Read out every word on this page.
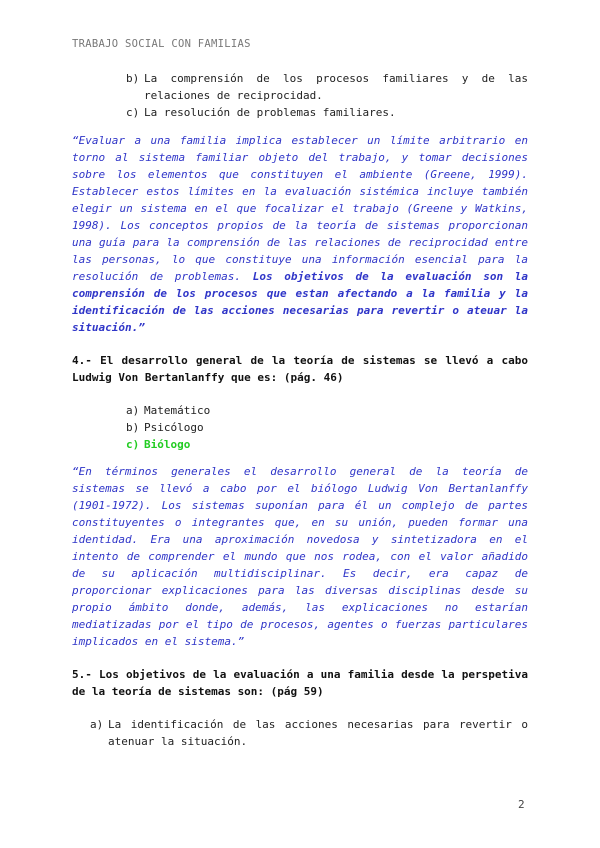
TRABAJO SOCIAL CON FAMILIAS
b) La comprensión de los procesos familiares y de las relaciones de reciprocidad.
c) La resolución de problemas familiares.

“Evaluar a una familia implica establecer un límite arbitrario en torno al sistema familiar objeto del trabajo, y tomar decisiones sobre los elementos que constituyen el ambiente (Greene, 1999). Establecer estos límites en la evaluación sistémica incluye también elegir un sistema en el que focalizar el trabajo (Greene y Watkins, 1998). Los conceptos propios de la teoría de sistemas proporcionan una guía para la comprensión de las relaciones de reciprocidad entre las personas, lo que constituye una información esencial para la resolución de problemas. Los objetivos de la evaluación son la comprensión de los procesos que estan afectando a la familia y la identificación de las acciones necesarias para revertir o ateuar la situación.”

4.- El desarrollo general de la teoría de sistemas se llevó a cabo Ludwig Von Bertanlanffy que es: (pág. 46)
a) Matemático
b) Psicólogo
c) Biólogo

“En términos generales el desarrollo general de la teoría de sistemas se llevó a cabo por el biólogo Ludwig Von Bertanlanffy (1901-1972). Los sistemas suponían para él un complejo de partes constituyentes o integrantes que, en su unión, pueden formar una identidad. Era una aproximación novedosa y sintetizadora en el intento de comprender el mundo que nos rodea, con el valor añadido de su aplicación multidisciplinar. Es decir, era capaz de proporcionar explicaciones para las diversas disciplinas desde su propio ámbito donde, además, las explicaciones no estarían mediatizadas por el tipo de procesos, agentes o fuerzas particulares implicados en el sistema.”

5.- Los objetivos de la evaluación a una familia desde la perspetiva de la teoría de sistemas son: (pág 59)
a) La identificación de las acciones necesarias para revertir o atenuar la situación.
2
